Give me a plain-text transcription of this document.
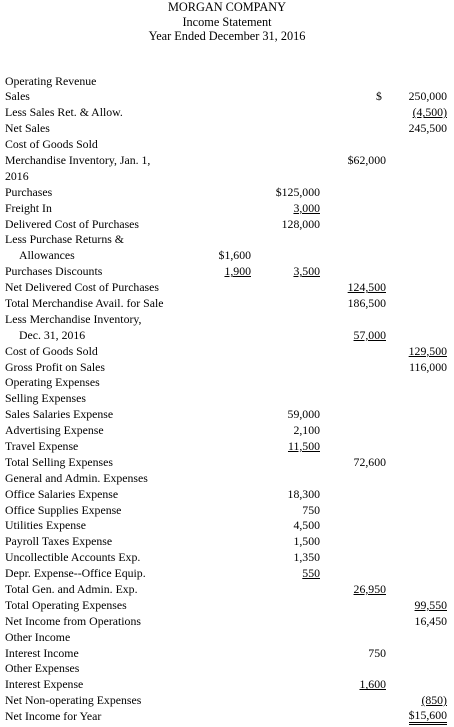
MORGAN COMPANY
Income Statement
Year Ended December 31, 2016
Operating Revenue
Sales	$ 250,000
Less Sales Ret. & Allow.	(4,500)
Net Sales	245,500
Cost of Goods Sold
Merchandise Inventory, Jan. 1,	$62,000
2016
Purchases	$125,000
Freight In	3,000
Delivered Cost of Purchases	128,000
Less Purchase Returns &
Allowances	$1,600
Purchases Discounts	1,900	3,500
Net Delivered Cost of Purchases	124,500
Total Merchandise Avail. for Sale	186,500
Less Merchandise Inventory,
Dec. 31, 2016	57,000
Cost of Goods Sold	129,500
Gross Profit on Sales	116,000
Operating Expenses
Selling Expenses
Sales Salaries Expense	59,000
Advertising Expense	2,100
Travel Expense	11,500
Total Selling Expenses	72,600
General and Admin. Expenses
Office Salaries Expense	18,300
Office Supplies Expense	750
Utilities Expense	4,500
Payroll Taxes Expense	1,500
Uncollectible Accounts Exp.	1,350
Depr. Expense--Office Equip.	550
Total Gen. and Admin. Exp.	26,950
Total Operating Expenses	99,550
Net Income from Operations	16,450
Other Income
Interest Income	750
Other Expenses
Interest Expense	1,600
Net Non-operating Expenses	(850)
Net Income for Year	$15,600
